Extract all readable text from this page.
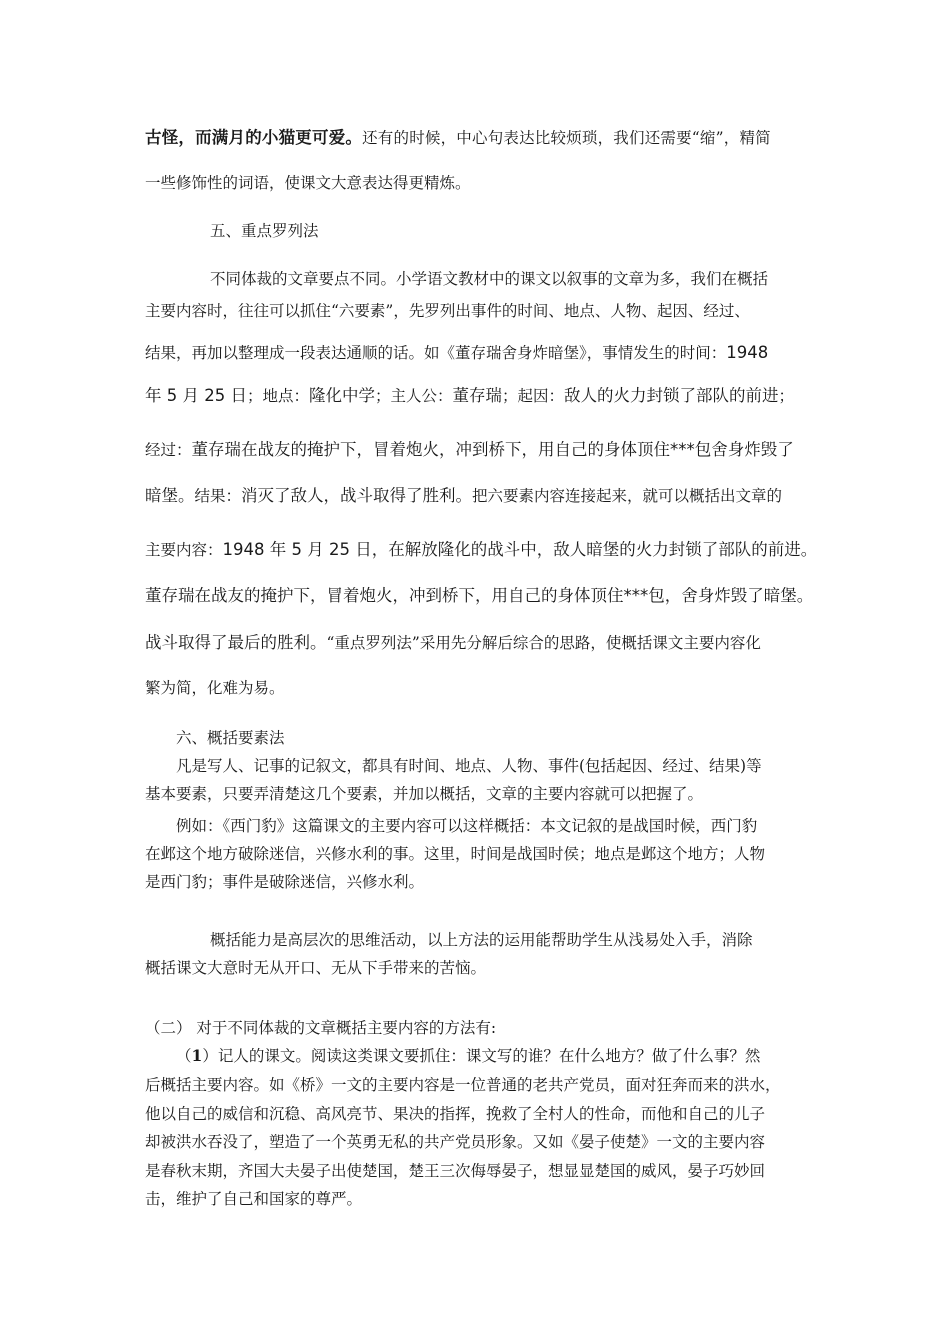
古怪，而满月的小猫更可爱。还有的时候，中心句表达比较烦琐，我们还需要“缩”，精简

一些修饰性的词语，使课文大意表达得更精炼。

五、重点罗列法

不同体裁的文章要点不同。小学语文教材中的课文以叙事的文章为多，我们在概括

主要内容时，往往可以抓住“六要素”，先罗列出事件的时间、地点、人物、起因、经过、

结果，再加以整理成一段表达通顺的话。如《董存瑞舍身炸暗堡》，事情发生的时间：1948

年 5 月 25 日；地点：隆化中学；主人公：董存瑞；起因：敌人的火力封锁了部队的前进；

经过：董存瑞在战友的掩护下，冒着炮火，冲到桥下，用自己的身体顶住***包舍身炸毁了

暗堡。结果：消灭了敌人，战斗取得了胜利。把六要素内容连接起来，就可以概括出文章的

主要内容：1948 年 5 月 25 日，在解放隆化的战斗中，敌人暗堡的火力封锁了部队的前进。

董存瑞在战友的掩护下，冒着炮火，冲到桥下，用自己的身体顶住***包，舍身炸毁了暗堡。

战斗取得了最后的胜利。“重点罗列法”采用先分解后综合的思路，使概括课文主要内容化

繁为简，化难为易。

六、概括要素法

凡是写人、记事的记叙文，都具有时间、地点、人物、事件(包括起因、经过、结果)等

基本要素，只要弄清楚这几个要素，并加以概括，文章的主要内容就可以把握了。

例如：《西门豹》这篇课文的主要内容可以这样概括：本文记叙的是战国时候，西门豹

在邺这个地方破除迷信，兴修水利的事。这里，时间是战国时侯；地点是邺这个地方；人物

是西门豹；事件是破除迷信，兴修水利。

概括能力是高层次的思维活动，以上方法的运用能帮助学生从浅易处入手，消除

概括课文大意时无从开口、无从下手带来的苦恼。

（二） 对于不同体裁的文章概括主要内容的方法有:

（1）记人的课文。阅读这类课文要抓住：课文写的谁？在什么地方？做了什么事？然

后概括主要内容。如《桥》一文的主要内容是一位普通的老共产党员，面对狂奔而来的洪水，

他以自己的威信和沉稳、高风亮节、果决的指挥，挽救了全村人的性命，而他和自己的儿子

却被洪水吞没了，塑造了一个英勇无私的共产党员形象。又如《晏子使楚》一文的主要内容

是春秋末期，齐国大夫晏子出使楚国，楚王三次侮辱晏子，想显显楚国的威风，晏子巧妙回

击，维护了自己和国家的尊严。
